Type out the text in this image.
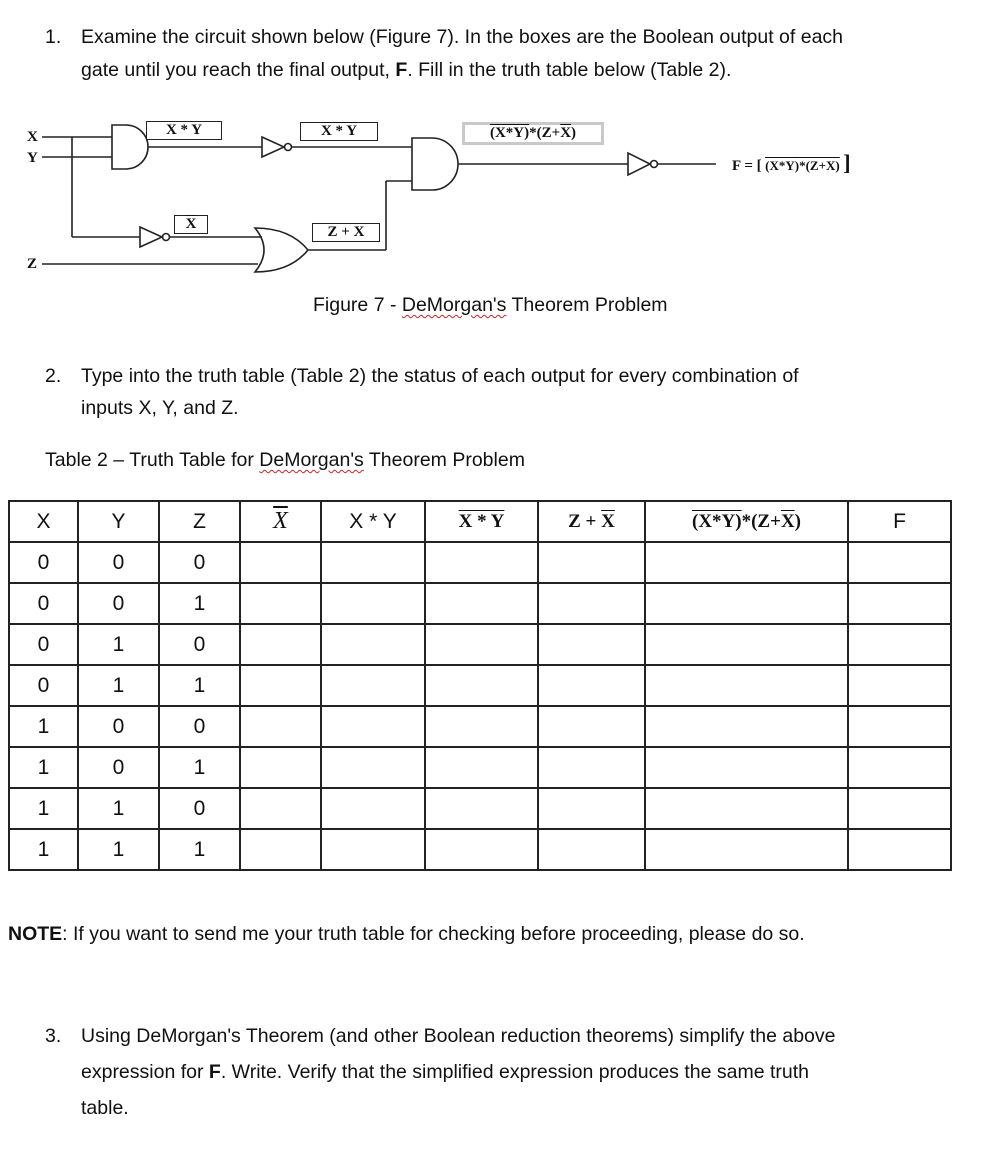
1. Examine the circuit shown below (Figure 7). In the boxes are the Boolean output of each
gate until you reach the final output, F. Fill in the truth table below (Table 2).
X
Y
Z
X * Y	X * Y
$\overline{X}$	Z + X
$(X*Y)*(Z+\overline{X})$
F = [ (X*Y)*(Z+X) ]
Figure 7 - DeMorgan's Theorem Problem
2. Type into the truth table (Table 2) the status of each output for every combination of
inputs X, Y, and Z.
Table 2 – Truth Table for DeMorgan's Theorem Problem
X	Y	Z	$\overline{X}$	X * Y	X * Y	$Z + \overline{X}$	$(X*Y)*(Z+\overline{X})$	F
0	0	0						
0	0	1						
0	1	0						
0	1	1						
1	0	0						
1	0	1						
1	1	0						
1	1	1						
NOTE: If you want to send me your truth table for checking before proceeding, please do so.
3. Using DeMorgan's Theorem (and other Boolean reduction theorems) simplify the above
expression for F. Write. Verify that the simplified expression produces the same truth
table.
